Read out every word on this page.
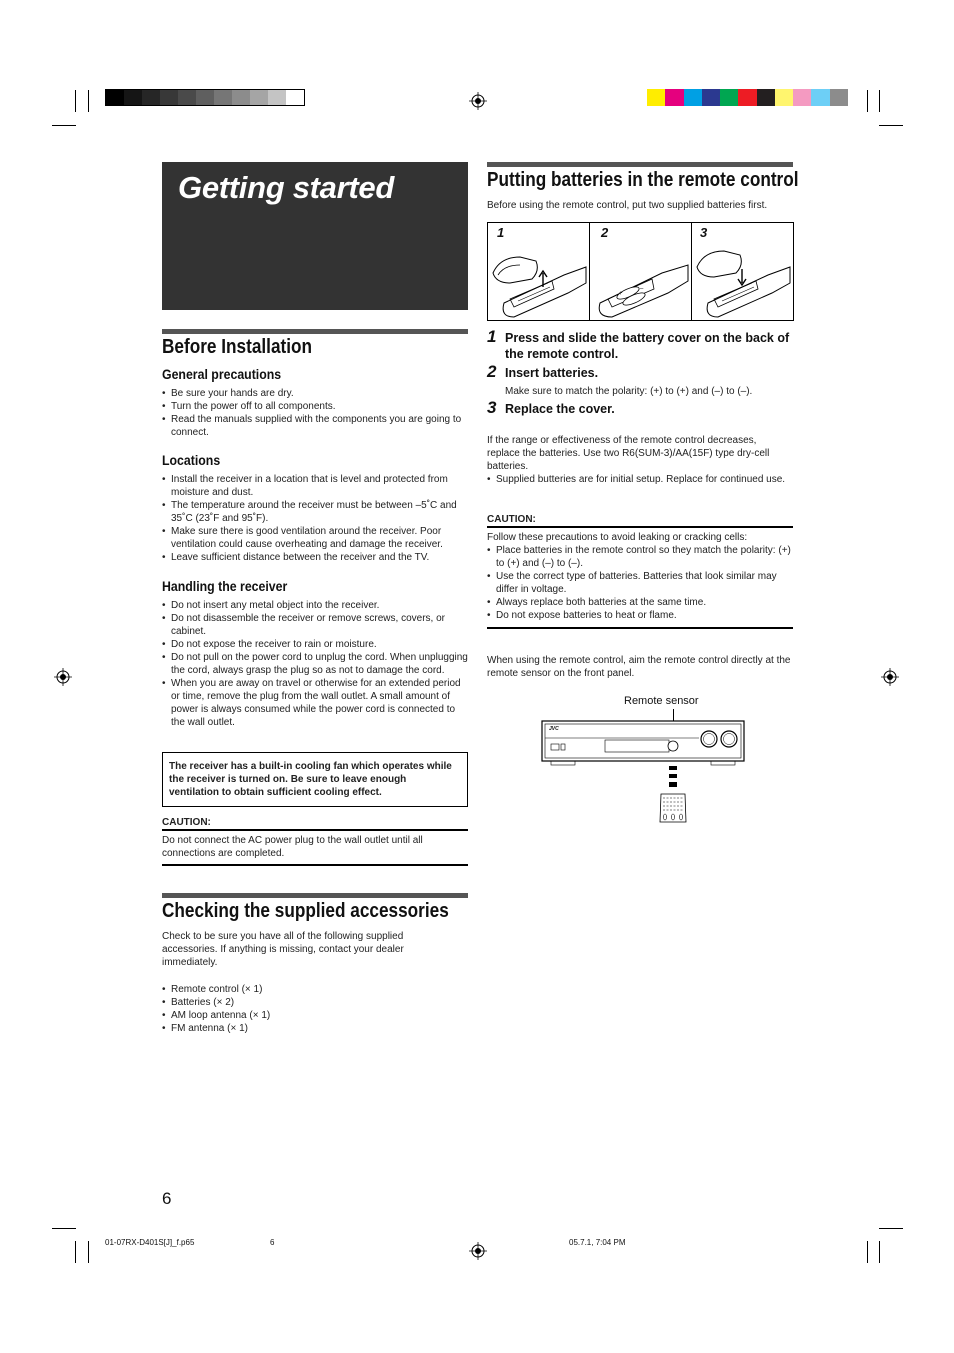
Getting started
Before Installation
General precautions
• Be sure your hands are dry.
• Turn the power off to all components.
• Read the manuals supplied with the components you are going to connect.
Locations
• Install the receiver in a location that is level and protected from moisture and dust.
• The temperature around the receiver must be between –5˚C and 35˚C (23˚F and 95˚F).
• Make sure there is good ventilation around the receiver. Poor ventilation could cause overheating and damage the receiver.
• Leave sufficient distance between the receiver and the TV.
Handling the receiver
• Do not insert any metal object into the receiver.
• Do not disassemble the receiver or remove screws, covers, or cabinet.
• Do not expose the receiver to rain or moisture.
• Do not pull on the power cord to unplug the cord. When unplugging the cord, always grasp the plug so as not to damage the cord.
• When you are away on travel or otherwise for an extended period or time, remove the plug from the wall outlet. A small amount of power is always consumed while the power cord is connected to the wall outlet.
The receiver has a built-in cooling fan which operates while the receiver is turned on. Be sure to leave enough ventilation to obtain sufficient cooling effect.
CAUTION:
Do not connect the AC power plug to the wall outlet until all connections are completed.
Checking the supplied accessories
Check to be sure you have all of the following supplied accessories. If anything is missing, contact your dealer immediately.
• Remote control (× 1)
• Batteries (× 2)
• AM loop antenna (× 1)
• FM antenna (× 1)
Putting batteries in the remote control
Before using the remote control, put two supplied batteries first.
1	2	3
+
–
1 Press and slide the battery cover on the back of the remote control.
2 Insert batteries.
Make sure to match the polarity: (+) to (+) and (–) to (–).
3 Replace the cover.
If the range or effectiveness of the remote control decreases, replace the batteries. Use two R6(SUM-3)/AA(15F) type dry-cell batteries.
• Supplied butteries are for initial setup. Replace for continued use.
CAUTION:
Follow these precautions to avoid leaking or cracking cells:
• Place batteries in the remote control so they match the polarity: (+) to (+) and (–) to (–).
• Use the correct type of batteries. Batteries that look similar may differ in voltage.
• Always replace both batteries at the same time.
• Do not expose batteries to heat or flame.
When using the remote control, aim the remote control directly at the remote sensor on the front panel.
Remote sensor
JVC
6
01-07RX-D401S[J]_f.p65	6	05.7.1, 7:04 PM
